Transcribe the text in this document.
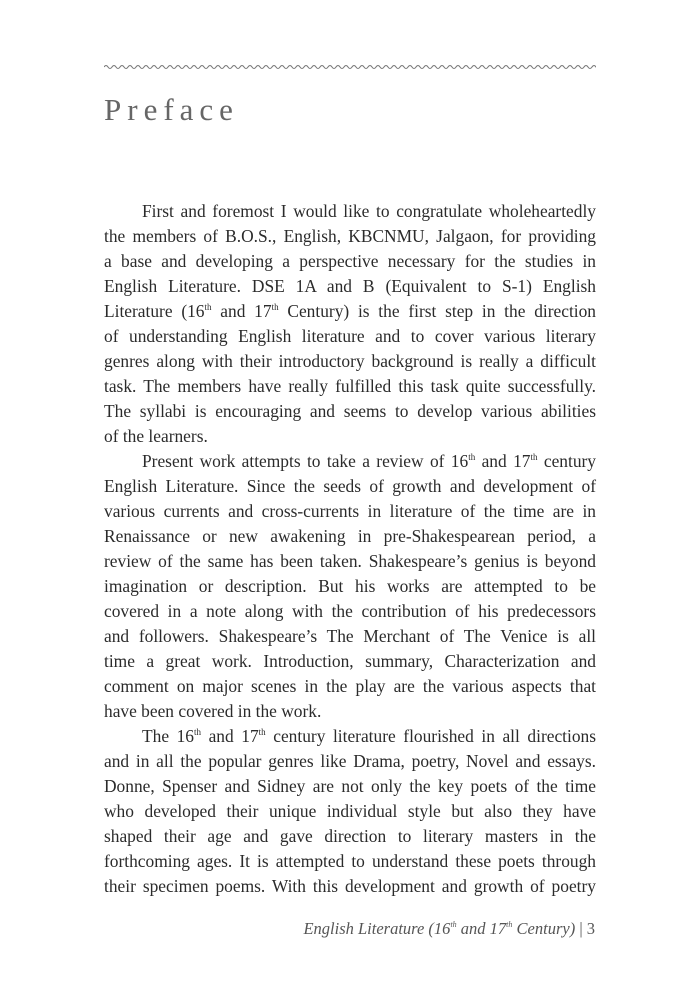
Preface
First and foremost I would like to congratulate wholeheartedly
the members of B.O.S., English, KBCNMU, Jalgaon, for providing
a base and developing a perspective necessary for the studies in
English Literature. DSE 1A and B (Equivalent to S-1) English
Literature (16th and 17th Century) is the first step in the direction
of understanding English literature and to cover various literary
genres along with their introductory background is really a difficult
task. The members have really fulfilled this task quite successfully.
The syllabi is encouraging and seems to develop various abilities
of the learners.
Present work attempts to take a review of 16th and 17th century
English Literature. Since the seeds of growth and development of
various currents and cross-currents in literature of the time are in
Renaissance or new awakening in pre-Shakespearean period, a
review of the same has been taken. Shakespeare’s genius is beyond
imagination or description. But his works are attempted to be
covered in a note along with the contribution of his predecessors
and followers. Shakespeare’s The Merchant of The Venice is all
time a great work. Introduction, summary, Characterization and
comment on major scenes in the play are the various aspects that
have been covered in the work.
The 16th and 17th century literature flourished in all directions
and in all the popular genres like Drama, poetry, Novel and essays.
Donne, Spenser and Sidney are not only the key poets of the time
who developed their unique individual style but also they have
shaped their age and gave direction to literary masters in the
forthcoming ages. It is attempted to understand these poets through
their specimen poems. With this development and growth of poetry
English Literature (16th and 17th Century) | 3
